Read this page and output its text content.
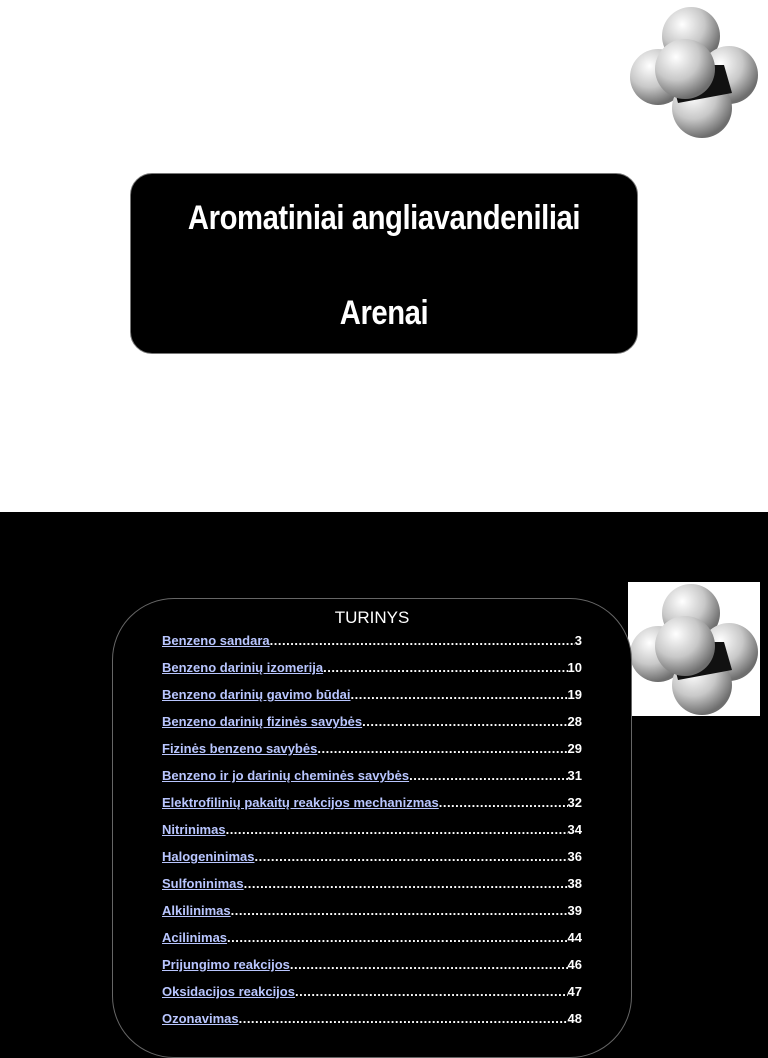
Aromatiniai angliavandeniliai
Arenai
TURINYS
Benzeno sandara .....	3
Benzeno darinių izomerija .....	10
Benzeno darinių gavimo būdai .....	19
Benzeno darinių fizinės savybės .....	28
Fizinės benzeno savybės .....	29
Benzeno ir jo darinių cheminės savybės .....	31
Elektrofilinių pakaitų reakcijos mechanizmas .....	32
Nitrinimas .....	34
Halogeninimas .....	36
Sulfoninimas .....	38
Alkilinimas .....	39
Acilinimas .....	44
Prijungimo reakcijos .....	46
Oksidacijos reakcijos .....	47
Ozonavimas .....	48
